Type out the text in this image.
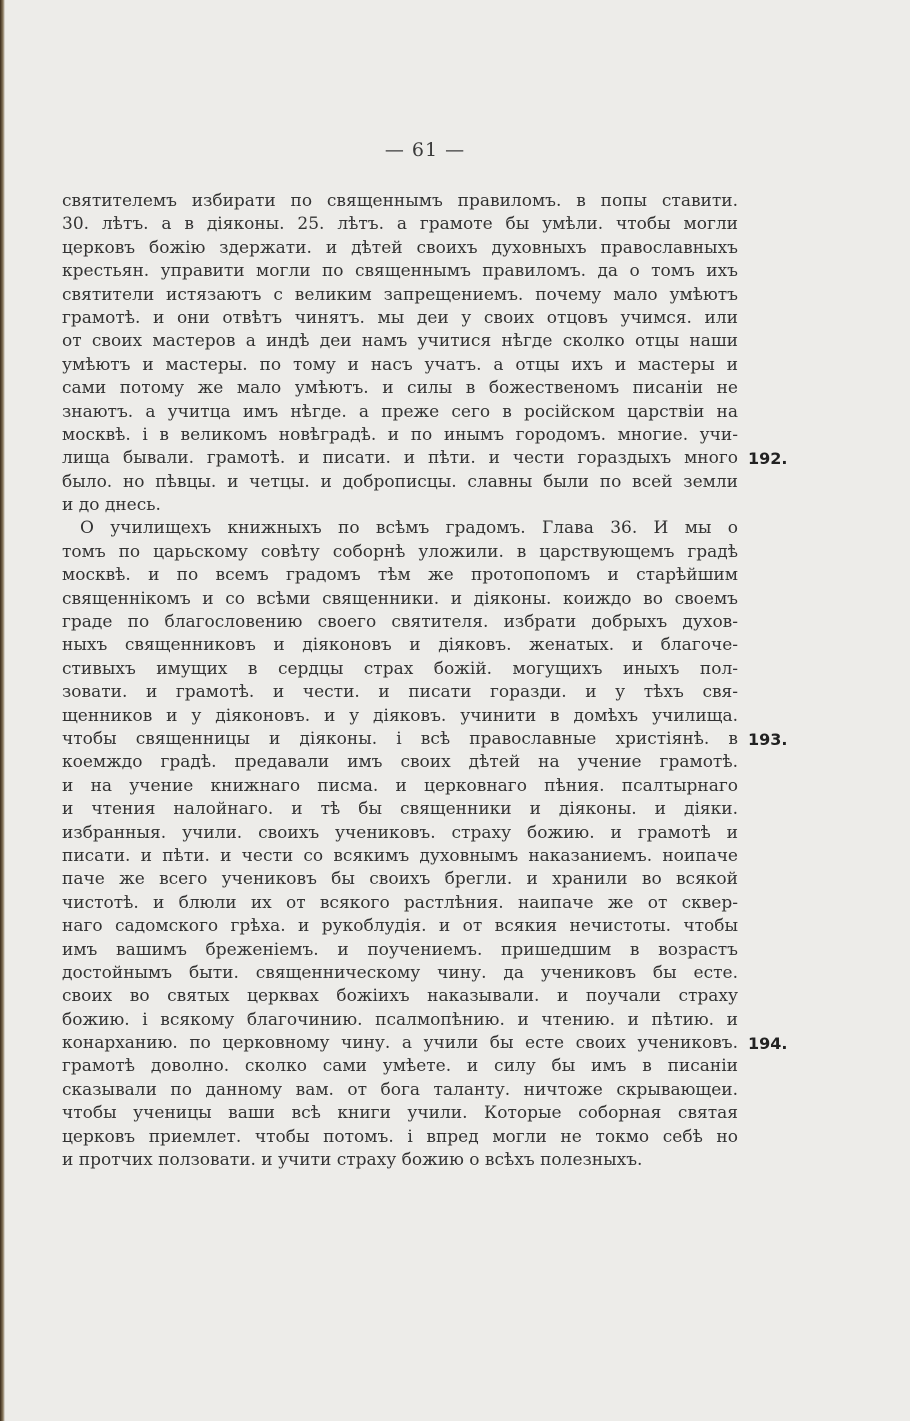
— 61 —
святителемъ избирати по священнымъ правиломъ. в попы ставити.
30. лѣтъ. а в дiяконы. 25. лѣтъ. а грамоте бы умѣли. чтобы могли
церковъ божiю здержати. и дѣтей своихъ духовныхъ православныхъ
крестьян. управити могли по священнымъ правиломъ. да о томъ ихъ
святители истязаютъ с великим запрещениемъ. почему мало умѣютъ
грамотѣ. и они отвѣтъ чинятъ. мы деи у своих отцовъ учимся. или
от своих мастеров а индѣ деи намъ учитися нѣгде сколко отцы наши
умѣютъ и мастеры. по тому и насъ учатъ. а отцы ихъ и мастеры и
сами потому же мало умѣютъ. и силы в божественомъ писанiи не
знаютъ. а учитца имъ нѣгде. а преже сего в росiйском царствiи на
москвѣ. i в великомъ новѣградѣ. и по инымъ городомъ. многие. учи-
лища бывали. грамотѣ. и писати. и пѣти. и чести гораздыхъ много
было. но пѣвцы. и четцы. и доброписцы. славны были по всей земли
и до днесь.
О училищехъ книжныхъ по всѣмъ градомъ. Глава 36. И мы о
томъ по царьскому совѣту соборнѣ уложили. в царствующемъ градѣ
москвѣ. и по всемъ градомъ тѣм же протопопомъ и старѣйшим
священнiкомъ и со всѣми священники. и дiяконы. коиждо во своемъ
граде по благословению своего святителя. избрати добрыхъ духов-
ныхъ священниковъ и дiяконовъ и дiяковъ. женатых. и благоче-
стивыхъ имущих в сердцы страх божiй. могущихъ иныхъ пол-
зовати. и грамотѣ. и чести. и писати горазди. и у тѣхъ свя-
щенников и у дiяконовъ. и у дiяковъ. учинити в домѣхъ училища.
чтобы священницы и дiяконы. i всѣ православные христiянѣ. в
коемждо градѣ. предавали имъ своих дѣтей на учение грамотѣ.
и на учение книжнаго писма. и церковнаго пѣния. псалтырнаго
и чтения налойнаго. и тѣ бы священники и дiяконы. и дiяки.
избранныя. учили. своихъ учениковъ. страху божию. и грамотѣ и
писати. и пѣти. и чести со всякимъ духовнымъ наказаниемъ. ноипаче
паче же всего учениковъ бы своихъ брегли. и хранили во всякой
чистотѣ. и блюли их от всякого растлѣния. наипаче же от сквер-
наго садомского грѣха. и рукоблудiя. и от всякия нечистоты. чтобы
имъ вашимъ бреженiемъ. и поучениемъ. пришедшим в возрастъ
достойнымъ быти. священническому чину. да учениковъ бы есте.
своих во святых церквах божiихъ наказывали. и поучали страху
божию. i всякому благочинию. псалмопѣнию. и чтению. и пѣтию. и
конарханию. по церковному чину. а учили бы есте своих учениковъ.
грамотѣ доволно. сколко сами умѣете. и силу бы имъ в писанiи
сказывали по данному вам. от бога таланту. ничтоже скрывающеи.
чтобы ученицы ваши всѣ книги учили. Которые соборная святая
церковъ приемлет. чтобы потомъ. i впред могли не токмо себѣ но
и протчих ползовати. и учити страху божию о всѣхъ полезныхъ.
192.
193.
194.
